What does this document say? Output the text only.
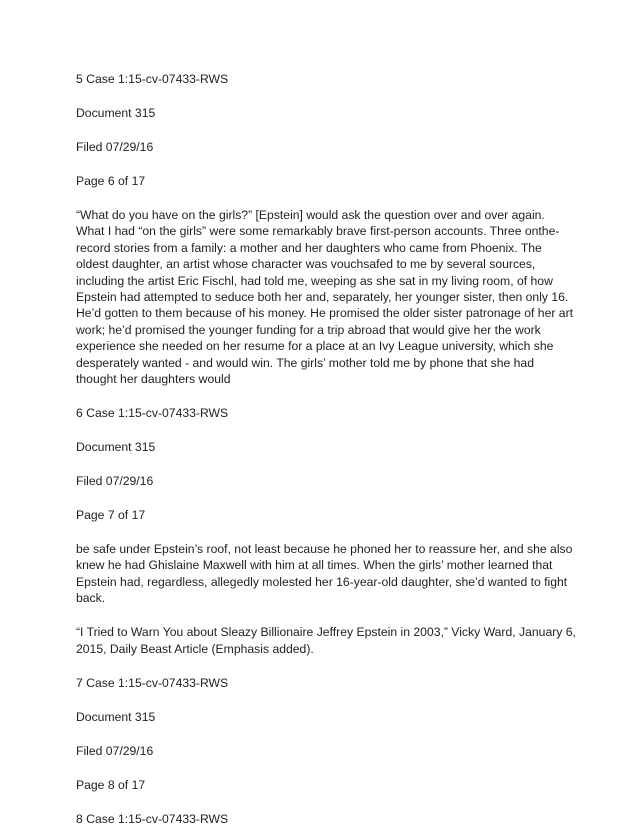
5 Case 1:15-cv-07433-RWS
Document 315
Filed 07/29/16
Page 6 of 17
“What do you have on the girls?” [Epstein] would ask the question over and over again. What I had “on the girls” were some remarkably brave first-person accounts. Three onthe-record stories from a family: a mother and her daughters who came from Phoenix. The oldest daughter, an artist whose character was vouchsafed to me by several sources, including the artist Eric Fischl, had told me, weeping as she sat in my living room, of how Epstein had attempted to seduce both her and, separately, her younger sister, then only 16. He’d gotten to them because of his money. He promised the older sister patronage of her art work; he’d promised the younger funding for a trip abroad that would give her the work experience she needed on her resume for a place at an Ivy League university, which she desperately wanted - and would win. The girls’ mother told me by phone that she had thought her daughters would
6 Case 1:15-cv-07433-RWS
Document 315
Filed 07/29/16
Page 7 of 17
be safe under Epstein’s roof, not least because he phoned her to reassure her, and she also knew he had Ghislaine Maxwell with him at all times. When the girls’ mother learned that Epstein had, regardless, allegedly molested her 16-year-old daughter, she’d wanted to fight back.
“I Tried to Warn You about Sleazy Billionaire Jeffrey Epstein in 2003,” Vicky Ward, January 6, 2015, Daily Beast Article (Emphasis added).
7 Case 1:15-cv-07433-RWS
Document 315
Filed 07/29/16
Page 8 of 17
8 Case 1:15-cv-07433-RWS
